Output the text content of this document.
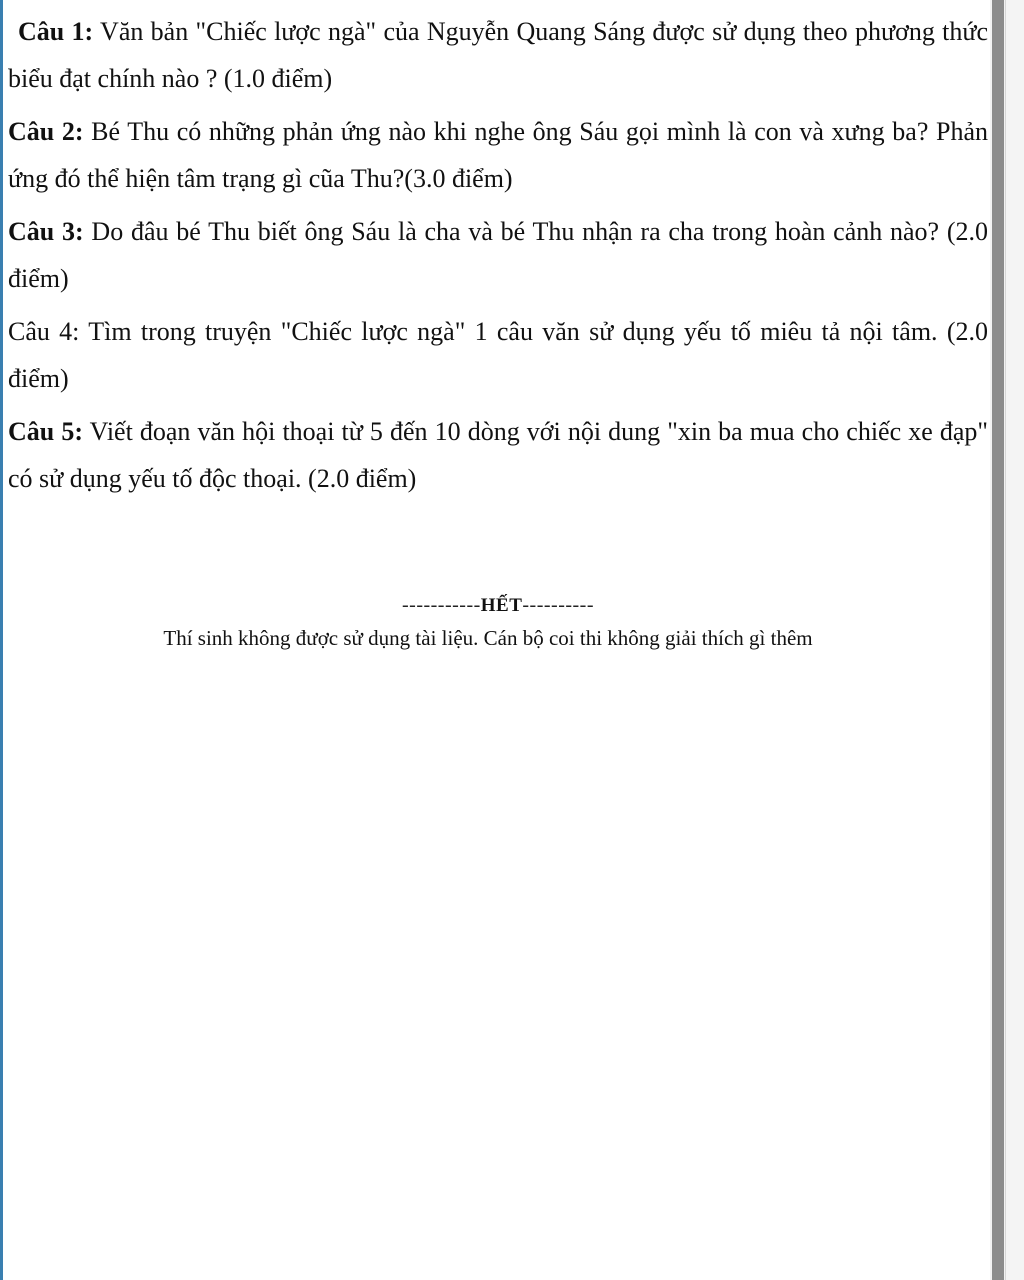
Câu 1: Văn bản "Chiếc lược ngà" của Nguyễn Quang Sáng được sử dụng theo phương thức biểu đạt chính nào ? (1.0 điểm)

Câu 2: Bé Thu có những phản ứng nào khi nghe ông Sáu gọi mình là con và xưng ba? Phản ứng đó thể hiện tâm trạng gì cũa Thu?(3.0 điểm)

Câu 3: Do đâu bé Thu biết ông Sáu là cha và bé Thu nhận ra cha trong hoàn cảnh nào? (2.0 điểm)

Câu 4: Tìm trong truyện "Chiếc lược ngà" 1 câu văn sử dụng yếu tố miêu tả nội tâm. (2.0 điểm)

Câu 5: Viết đoạn văn hội thoại từ 5 đến 10 dòng với nội dung "xin ba mua cho chiếc xe đạp" có sử dụng yếu tố độc thoại. (2.0 điểm)

-----------HẾT----------
Thí sinh không được sử dụng tài liệu. Cán bộ coi thi không giải thích gì thêm
